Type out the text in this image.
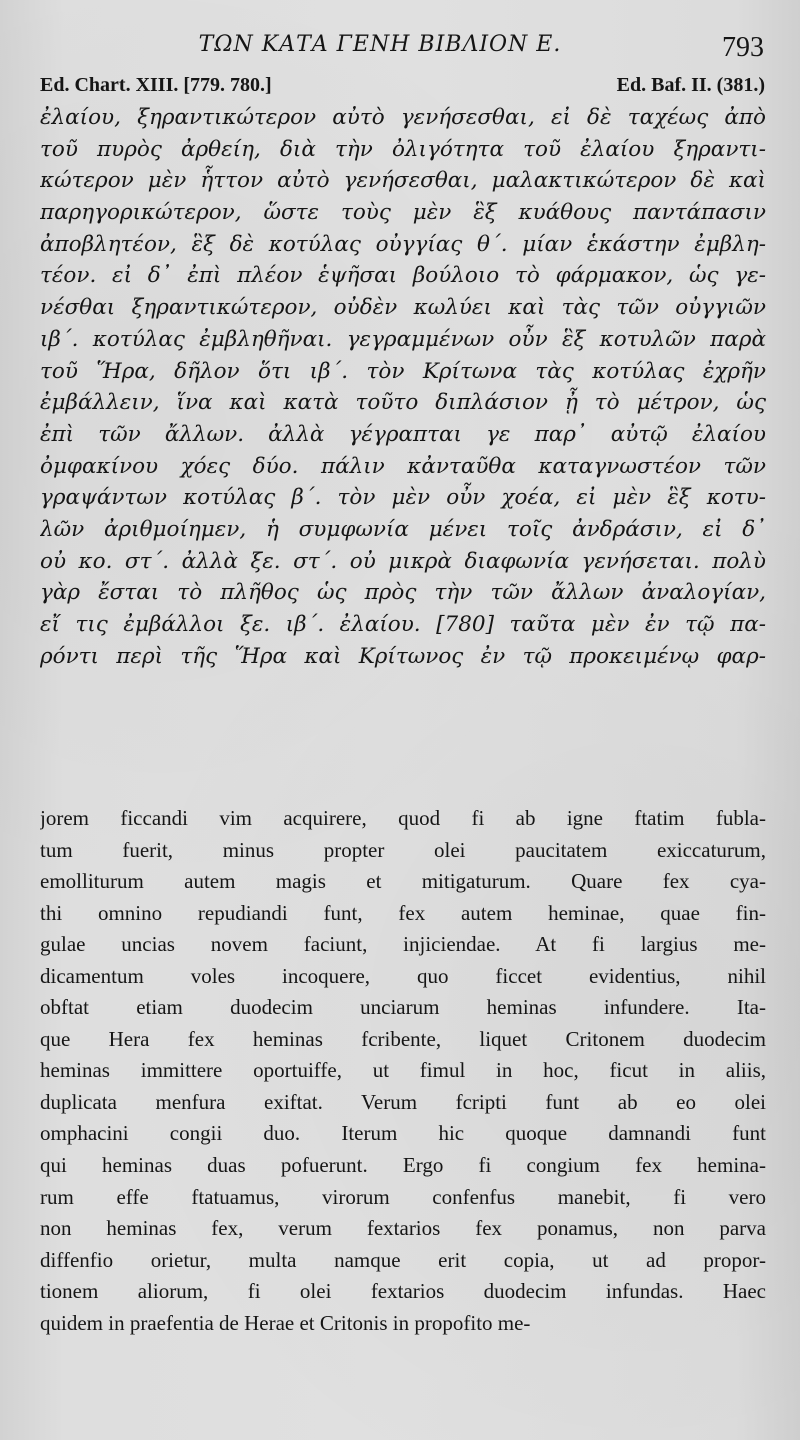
ΤΩΝ ΚΑΤΑ ΓΕΝΗ ΒΙΒΛΙΟΝ Ε.	793
Ed. Chart. XIII. [779. 780.]	Ed. Baf. II. (381.)
ἐλαίου, ξηραντικώτερον αὐτὸ γενήσεσθαι, εἰ δὲ ταχέως ἀπὸ
τοῦ πυρὸς ἀρθείη, διὰ τὴν ὀλιγότητα τοῦ ἐλαίου ξηραντι-
κώτερον μὲν ἧττον αὐτὸ γενήσεσθαι, μαλακτικώτερον δὲ καὶ
παρηγορικώτερον, ὥστε τοὺς μὲν ἓξ κυάθους παντάπασιν
ἀποβλητέον, ἓξ δὲ κοτύλας οὐγγίας θ΄. μίαν ἑκάστην ἐμβλη-
τέον. εἰ δ᾽ ἐπὶ πλέον ἑψῆσαι βούλοιο τὸ φάρμακον, ὡς γε-
νέσθαι ξηραντικώτερον, οὐδὲν κωλύει καὶ τὰς τῶν οὐγγιῶν
ιβ΄. κοτύλας ἐμβληθῆναι. γεγραμμένων οὖν ἓξ κοτυλῶν παρὰ
τοῦ Ἥρα, δῆλον ὅτι ιβ΄. τὸν Κρίτωνα τὰς κοτύλας ἐχρῆν
ἐμβάλλειν, ἵνα καὶ κατὰ τοῦτο διπλάσιον ᾖ τὸ μέτρον, ὡς
ἐπὶ τῶν ἄλλων. ἀλλὰ γέγραπται γε παρ᾽ αὐτῷ ἐλαίου
ὀμφακίνου χόες δύο. πάλιν κἀνταῦθα καταγνωστέον τῶν
γραψάντων κοτύλας β΄. τὸν μὲν οὖν χοέα, εἰ μὲν ἓξ κοτυ-
λῶν ἀριθμοίημεν, ἡ συμφωνία μένει τοῖς ἀνδράσιν, εἰ δ᾽
οὐ κο. στ΄. ἀλλὰ ξε. στ΄. οὐ μικρὰ διαφωνία γενήσεται. πολὺ
γὰρ ἔσται τὸ πλῆθος ὡς πρὸς τὴν τῶν ἄλλων ἀναλογίαν,
εἴ τις ἐμβάλλοι ξε. ιβ΄. ἐλαίου. [780] ταῦτα μὲν ἐν τῷ πα-
ρόντι περὶ τῆς Ἥρα καὶ Κρίτωνος ἐν τῷ προκειμένῳ φαρ-
jorem ficcandi vim acquirere, quod fi ab igne ftatim fubla-
tum fuerit, minus propter olei paucitatem exiccaturum,
emolliturum autem magis et mitigaturum. Quare fex cya-
thi omnino repudiandi funt, fex autem heminae, quae fin-
gulae uncias novem faciunt, injiciendae. At fi largius me-
dicamentum voles incoquere, quo ficcet evidentius, nihil
obftat etiam duodecim unciarum heminas infundere. Ita-
que Hera fex heminas fcribente, liquet Critonem duodecim
heminas immittere oportuiffe, ut fimul in hoc, ficut in aliis,
duplicata menfura exiftat. Verum fcripti funt ab eo olei
omphacini congii duo. Iterum hic quoque damnandi funt
qui heminas duas pofuerunt. Ergo fi congium fex hemina-
rum effe ftatuamus, virorum confenfus manebit, fi vero
non heminas fex, verum fextarios fex ponamus, non parva
diffenfio orietur, multa namque erit copia, ut ad propor-
tionem aliorum, fi olei fextarios duodecim infundas. Haec
quidem in praefentia de Herae et Critonis in propofito me-
